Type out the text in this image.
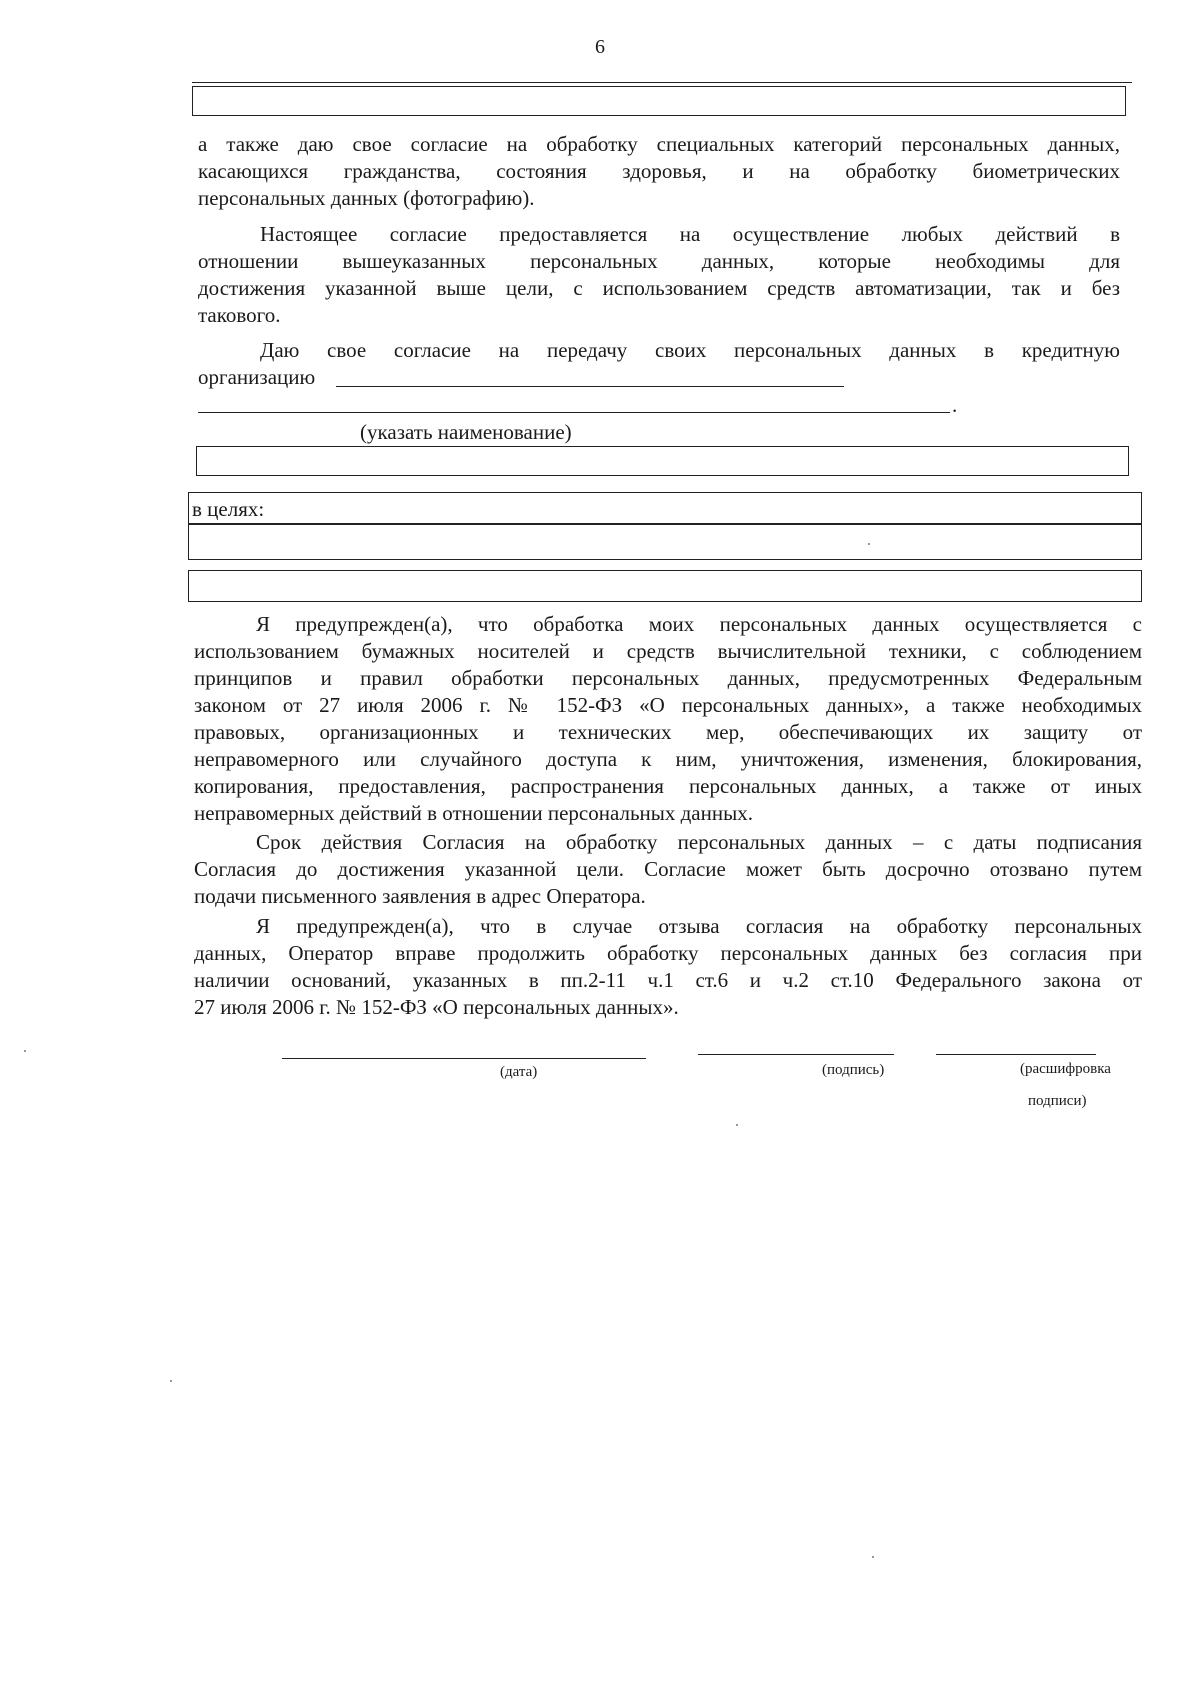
6
а также даю свое согласие на обработку специальных категорий персональных данных,
касающихся гражданства, состояния здоровья, и на обработку биометрических
персональных данных (фотографию).
Настоящее согласие предоставляется на осуществление любых действий в
отношении вышеуказанных персональных данных, которые необходимы для
достижения указанной выше цели, с использованием средств автоматизации, так и без
такового.
Даю свое согласие на передачу своих персональных данных в кредитную
организацию
.
(указать наименование)
в целях:
Я предупрежден(а), что обработка моих персональных данных осуществляется с
использованием бумажных носителей и средств вычислительной техники, с соблюдением
принципов и правил обработки персональных данных, предусмотренных Федеральным
законом от 27 июля 2006 г. № 152-ФЗ «О персональных данных», а также необходимых
правовых, организационных и технических мер, обеспечивающих их защиту от
неправомерного или случайного доступа к ним, уничтожения, изменения, блокирования,
копирования, предоставления, распространения персональных данных, а также от иных
неправомерных действий в отношении персональных данных.
Срок действия Согласия на обработку персональных данных – с даты подписания
Согласия до достижения указанной цели. Согласие может быть досрочно отозвано путем
подачи письменного заявления в адрес Оператора.
Я предупрежден(а), что в случае отзыва согласия на обработку персональных
данных, Оператор вправе продолжить обработку персональных данных без согласия при
наличии оснований, указанных в пп.2-11 ч.1 ст.6 и ч.2 ст.10 Федерального закона от
27 июля 2006 г. № 152-ФЗ «О персональных данных».
(дата)	(подпись)	(расшифровка
подписи)
